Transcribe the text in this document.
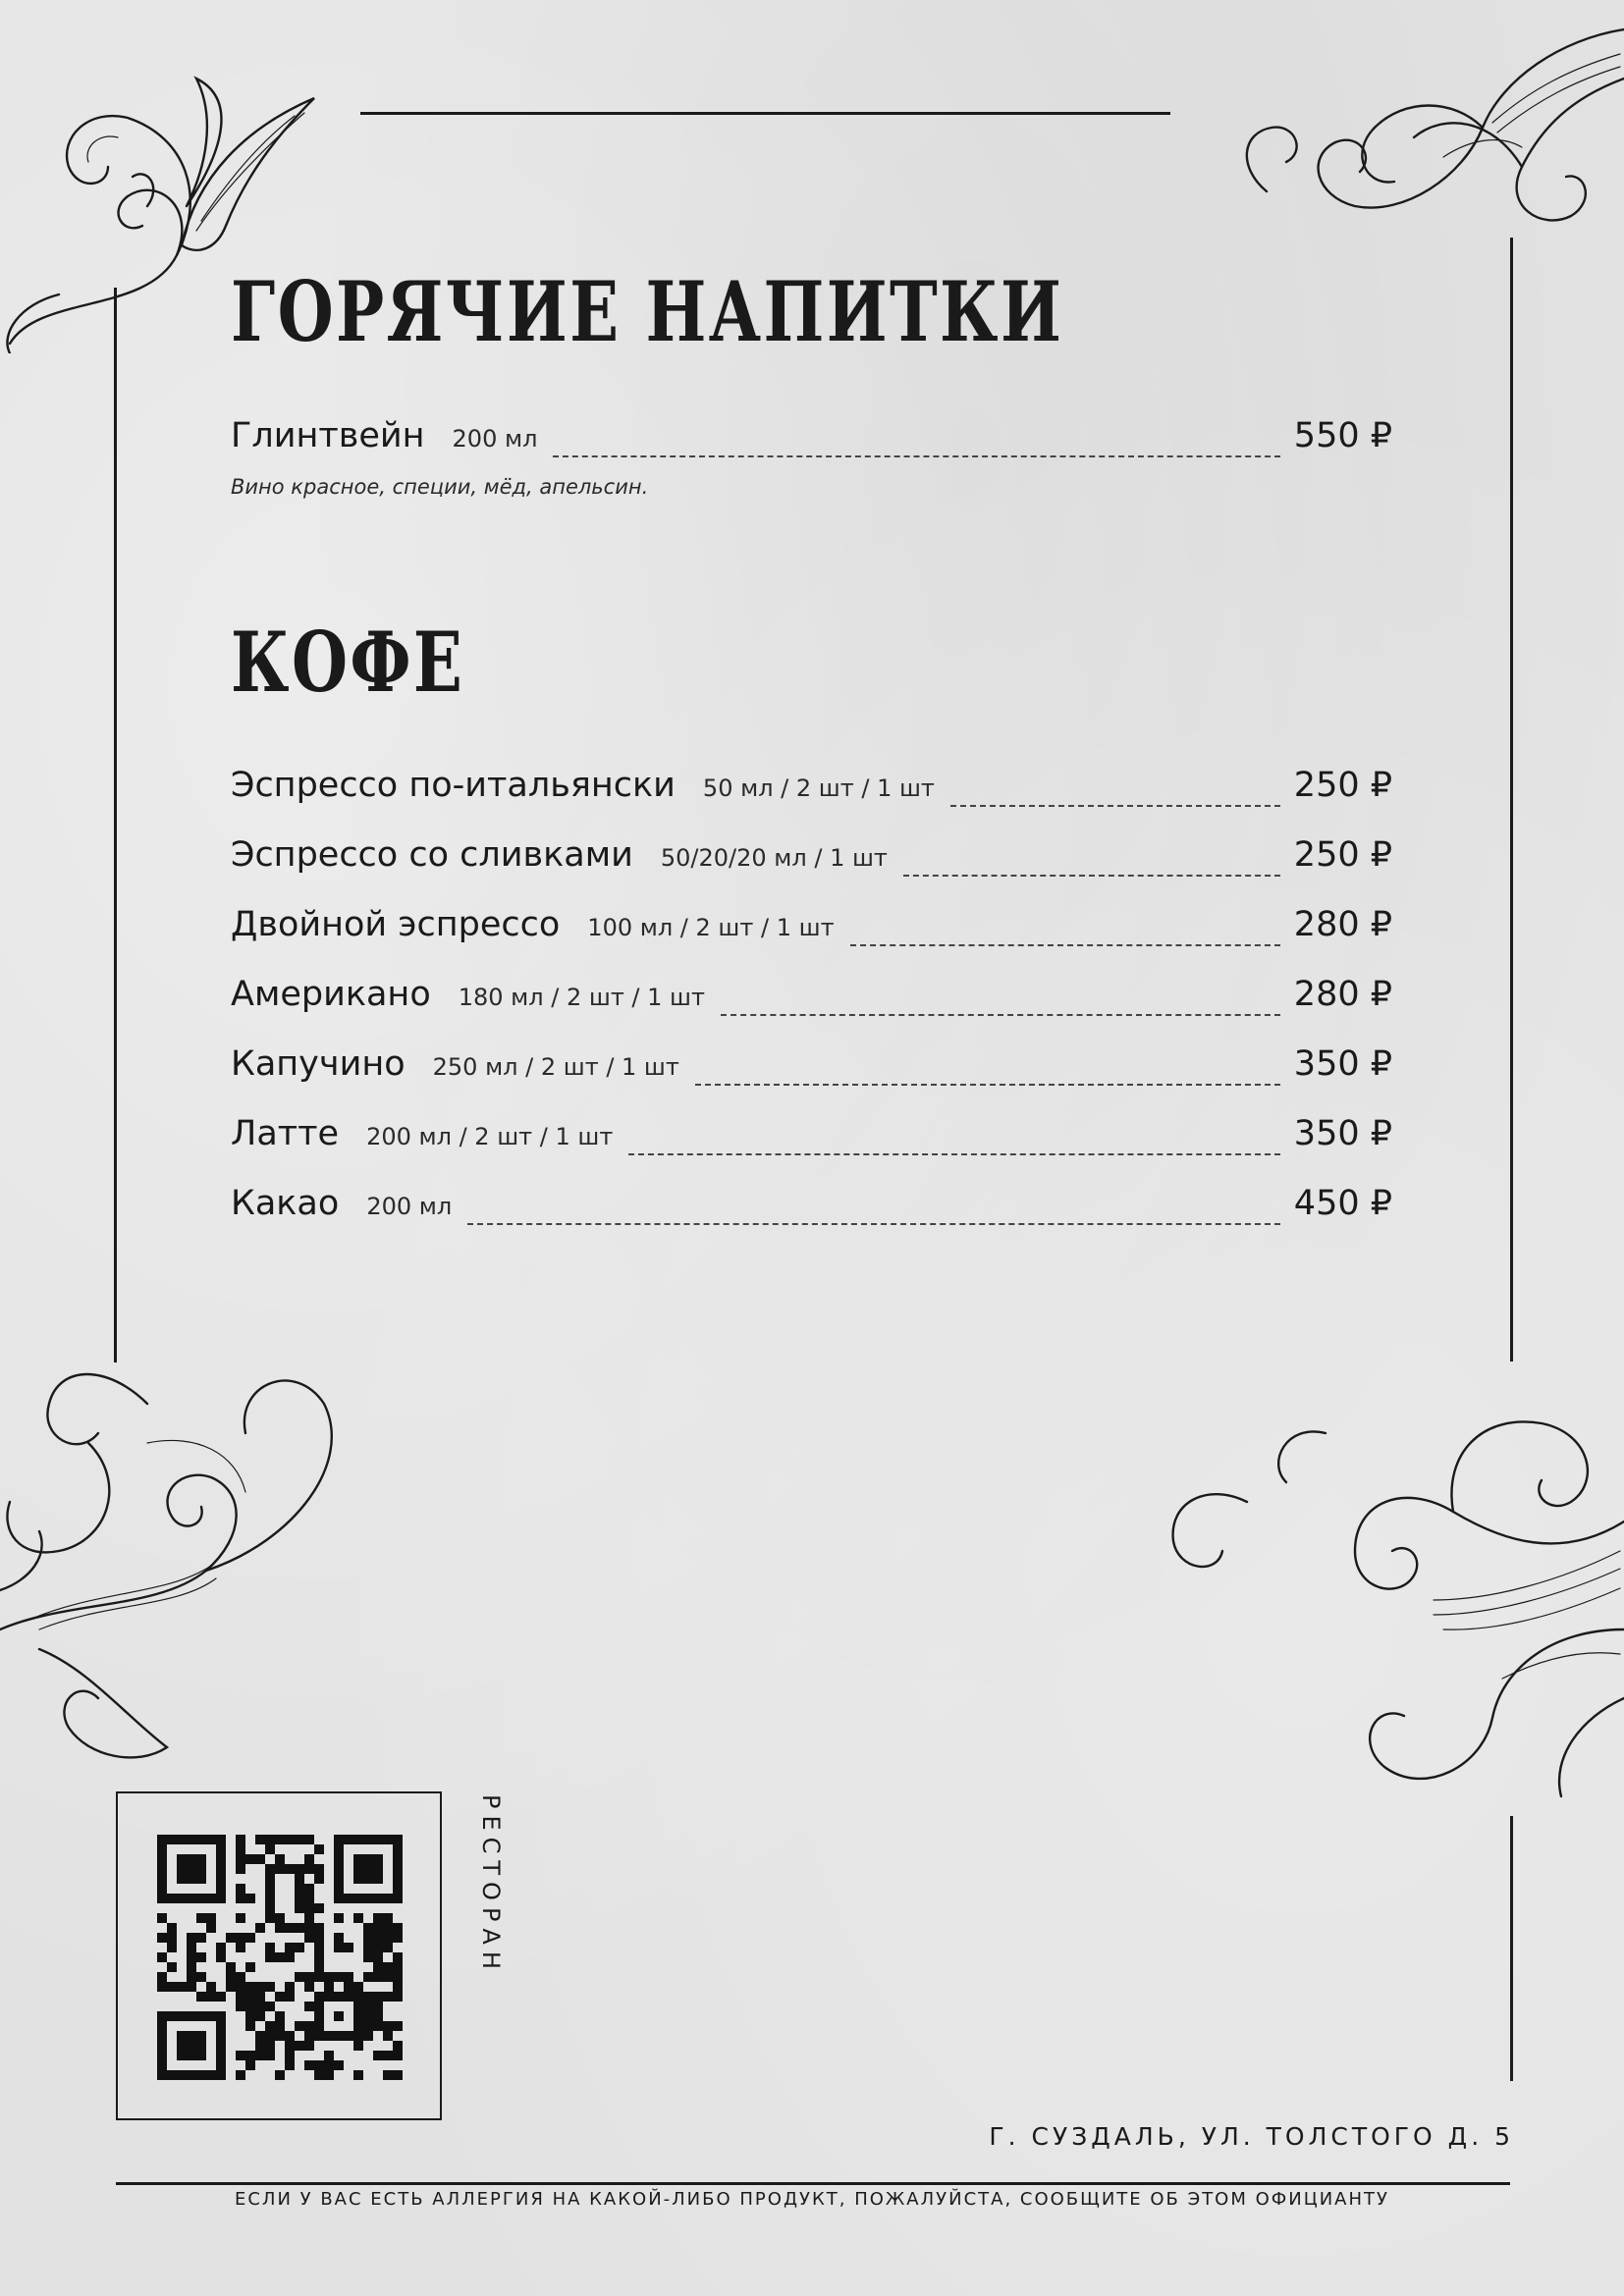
ГОРЯЧИЕ НАПИТКИ
Глинтвейн 200 мл	550 ₽
Вино красное, специи, мёд, апельсин.
КОФЕ
Эспрессо по-итальянски 50 мл / 2 шт / 1 шт	250 ₽
Эспрессо со сливками 50/20/20 мл / 1 шт	250 ₽
Двойной эспрессо 100 мл / 2 шт / 1 шт	280 ₽
Американо 180 мл / 2 шт / 1 шт	280 ₽
Капучино 250 мл / 2 шт / 1 шт	350 ₽
Латте 200 мл / 2 шт / 1 шт	350 ₽
Какао 200 мл	450 ₽
РЕСТОРАН
Г. СУЗДАЛЬ, УЛ. ТОЛСТОГО Д. 5
ЕСЛИ У ВАС ЕСТЬ АЛЛЕРГИЯ НА КАКОЙ-ЛИБО ПРОДУКТ, ПОЖАЛУЙСТА, СООБЩИТЕ ОБ ЭТОМ ОФИЦИАНТУ
